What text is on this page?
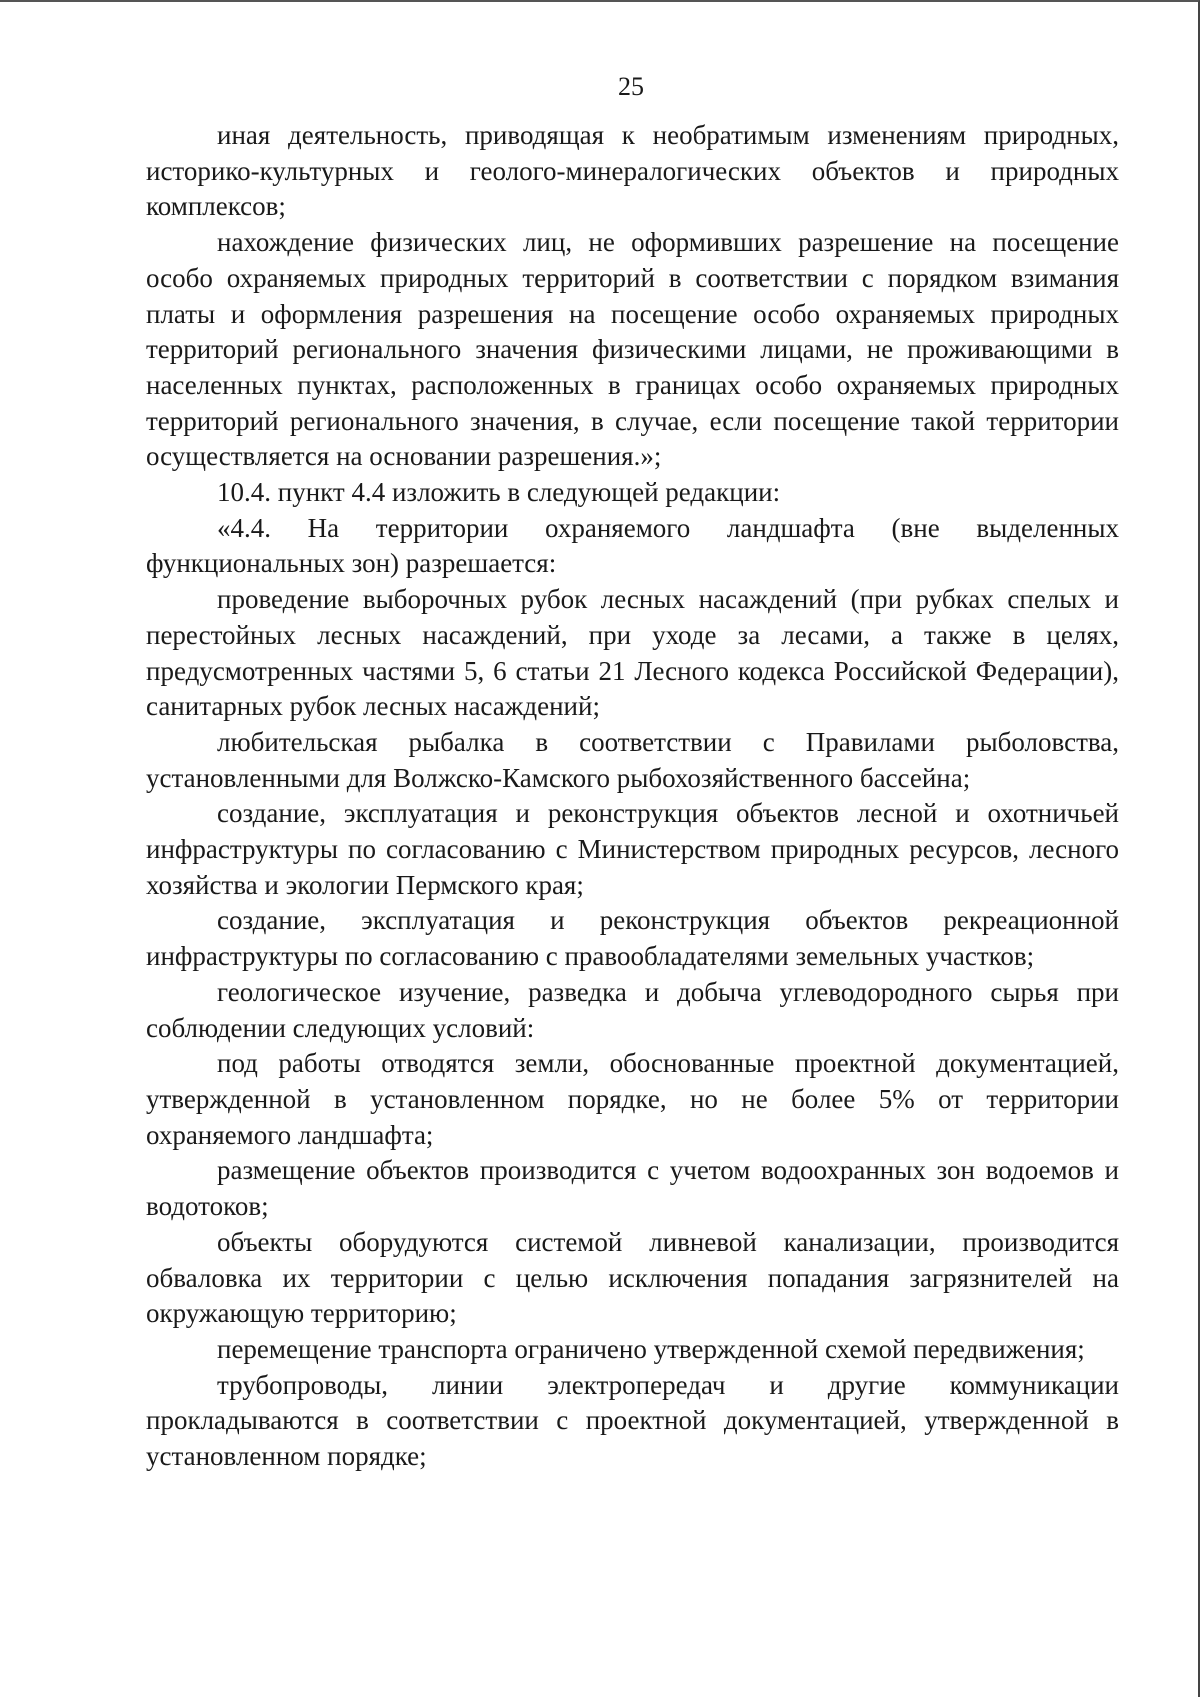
25

иная деятельность, приводящая к необратимым изменениям природных, историко-культурных и геолого-минералогических объектов и природных комплексов;

нахождение физических лиц, не оформивших разрешение на посещение особо охраняемых природных территорий в соответствии с порядком взимания платы и оформления разрешения на посещение особо охраняемых природных территорий регионального значения физическими лицами, не проживающими в населенных пунктах, расположенных в границах особо охраняемых природных территорий регионального значения, в случае, если посещение такой территории осуществляется на основании разрешения.»;

10.4. пункт 4.4 изложить в следующей редакции:

«4.4. На территории охраняемого ландшафта (вне выделенных функциональных зон) разрешается:

проведение выборочных рубок лесных насаждений (при рубках спелых и перестойных лесных насаждений, при уходе за лесами, а также в целях, предусмотренных частями 5, 6 статьи 21 Лесного кодекса Российской Федерации), санитарных рубок лесных насаждений;

любительская рыбалка в соответствии с Правилами рыболовства, установленными для Волжско-Камского рыбохозяйственного бассейна;

создание, эксплуатация и реконструкция объектов лесной и охотничьей инфраструктуры по согласованию с Министерством природных ресурсов, лесного хозяйства и экологии Пермского края;

создание, эксплуатация и реконструкция объектов рекреационной инфраструктуры по согласованию с правообладателями земельных участков;

геологическое изучение, разведка и добыча углеводородного сырья при соблюдении следующих условий:

под работы отводятся земли, обоснованные проектной документацией, утвержденной в установленном порядке, но не более 5% от территории охраняемого ландшафта;

размещение объектов производится с учетом водоохранных зон водоемов и водотоков;

объекты оборудуются системой ливневой канализации, производится обваловка их территории с целью исключения попадания загрязнителей на окружающую территорию;

перемещение транспорта ограничено утвержденной схемой передвижения;

трубопроводы, линии электропередач и другие коммуникации прокладываются в соответствии с проектной документацией, утвержденной в установленном порядке;
